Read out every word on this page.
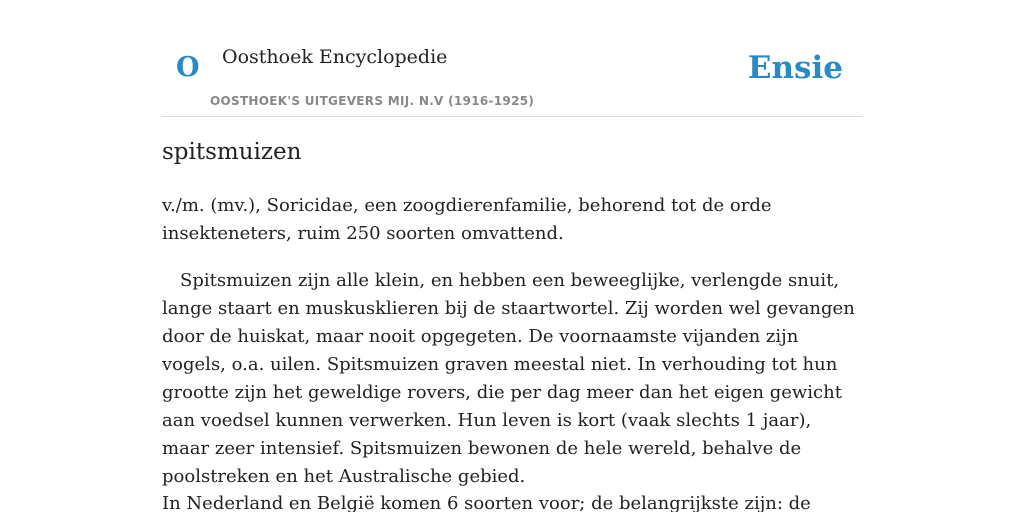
O Oosthoek Encyclopedie
OOSTHOEK'S UITGEVERS MIJ. N.V (1916-1925)
Ensie
spitsmuizen

v./m. (mv.), Soricidae, een zoogdierenfamilie, behorend tot de orde insekteneters, ruim 250 soorten omvattend.

Spitsmuizen zijn alle klein, en hebben een beweeglijke, verlengde snuit, lange staart en muskusklieren bij de staartwortel. Zij worden wel gevangen door de huiskat, maar nooit opgegeten. De voornaamste vijanden zijn vogels, o.a. uilen. Spitsmuizen graven meestal niet. In verhouding tot hun grootte zijn het geweldige rovers, die per dag meer dan het eigen gewicht aan voedsel kunnen verwerken. Hun leven is kort (vaak slechts 1 jaar), maar zeer intensief. Spitsmuizen bewonen de hele wereld, behalve de poolstreken en het Australische gebied.

In Nederland en België komen 6 soorten voor; de belangrijkste zijn: de
